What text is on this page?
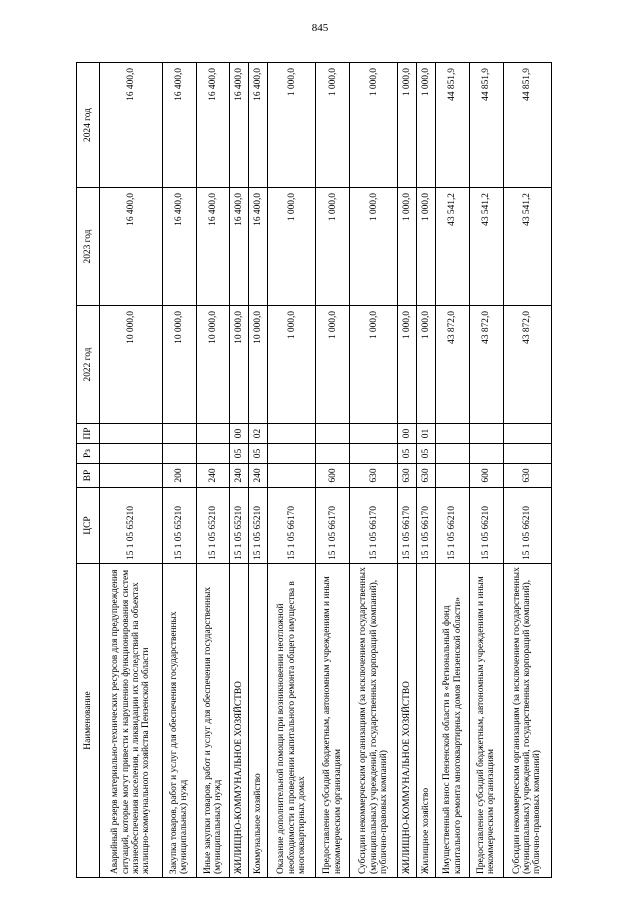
845
Наименование	ЦСР	ВР	Рз	ПР	2022 год	2023 год	2024 год
Аварийный резерв материально-технических ресурсов для предупреждения ситуаций, которые могут привести к нарушению функционирования систем жизнеобеспечения населения, и ликвидации их последствий на объектах жилищно-коммунального хозяйства Пензенской области	15 1 05 65210				10 000,0	16 400,0	16 400,0
Закупка товаров, работ и услуг для обеспечения государственных (муниципальных) нужд	15 1 05 65210	200			10 000,0	16 400,0	16 400,0
Иные закупки товаров, работ и услуг для обеспечения государственных (муниципальных) нужд	15 1 05 65210	240			10 000,0	16 400,0	16 400,0
ЖИЛИЩНО-КОММУНАЛЬНОЕ ХОЗЯЙСТВО	15 1 05 65210	240	05	00	10 000,0	16 400,0	16 400,0
Коммунальное хозяйство	15 1 05 65210	240	05	02	10 000,0	16 400,0	16 400,0
Оказание дополнительной помощи при возникновении неотложной необходимости в проведении капитального ремонта общего имущества в многоквартирных домах	15 1 05 66170				1 000,0	1 000,0	1 000,0
Предоставление субсидий бюджетным, автономным учреждениям и иным некоммерческим организациям	15 1 05 66170	600			1 000,0	1 000,0	1 000,0
Субсидии некоммерческим организациям (за исключением государственных (муниципальных) учреждений, государственных корпораций (компаний), публично-правовых компаний)	15 1 05 66170	630			1 000,0	1 000,0	1 000,0
ЖИЛИЩНО-КОММУНАЛЬНОЕ ХОЗЯЙСТВО	15 1 05 66170	630	05	00	1 000,0	1 000,0	1 000,0
Жилищное хозяйство	15 1 05 66170	630	05	01	1 000,0	1 000,0	1 000,0
Имущественный взнос Пензенской области в «Региональный фонд капитального ремонта многоквартирных домов Пензенской области»	15 1 05 66210				43 872,0	43 541,2	44 851,9
Предоставление субсидий бюджетным, автономным учреждениям и иным некоммерческим организациям	15 1 05 66210	600			43 872,0	43 541,2	44 851,9
Субсидии некоммерческим организациям (за исключением государственных (муниципальных) учреждений, государственных корпораций (компаний), публично-правовых компаний)	15 1 05 66210	630			43 872,0	43 541,2	44 851,9
